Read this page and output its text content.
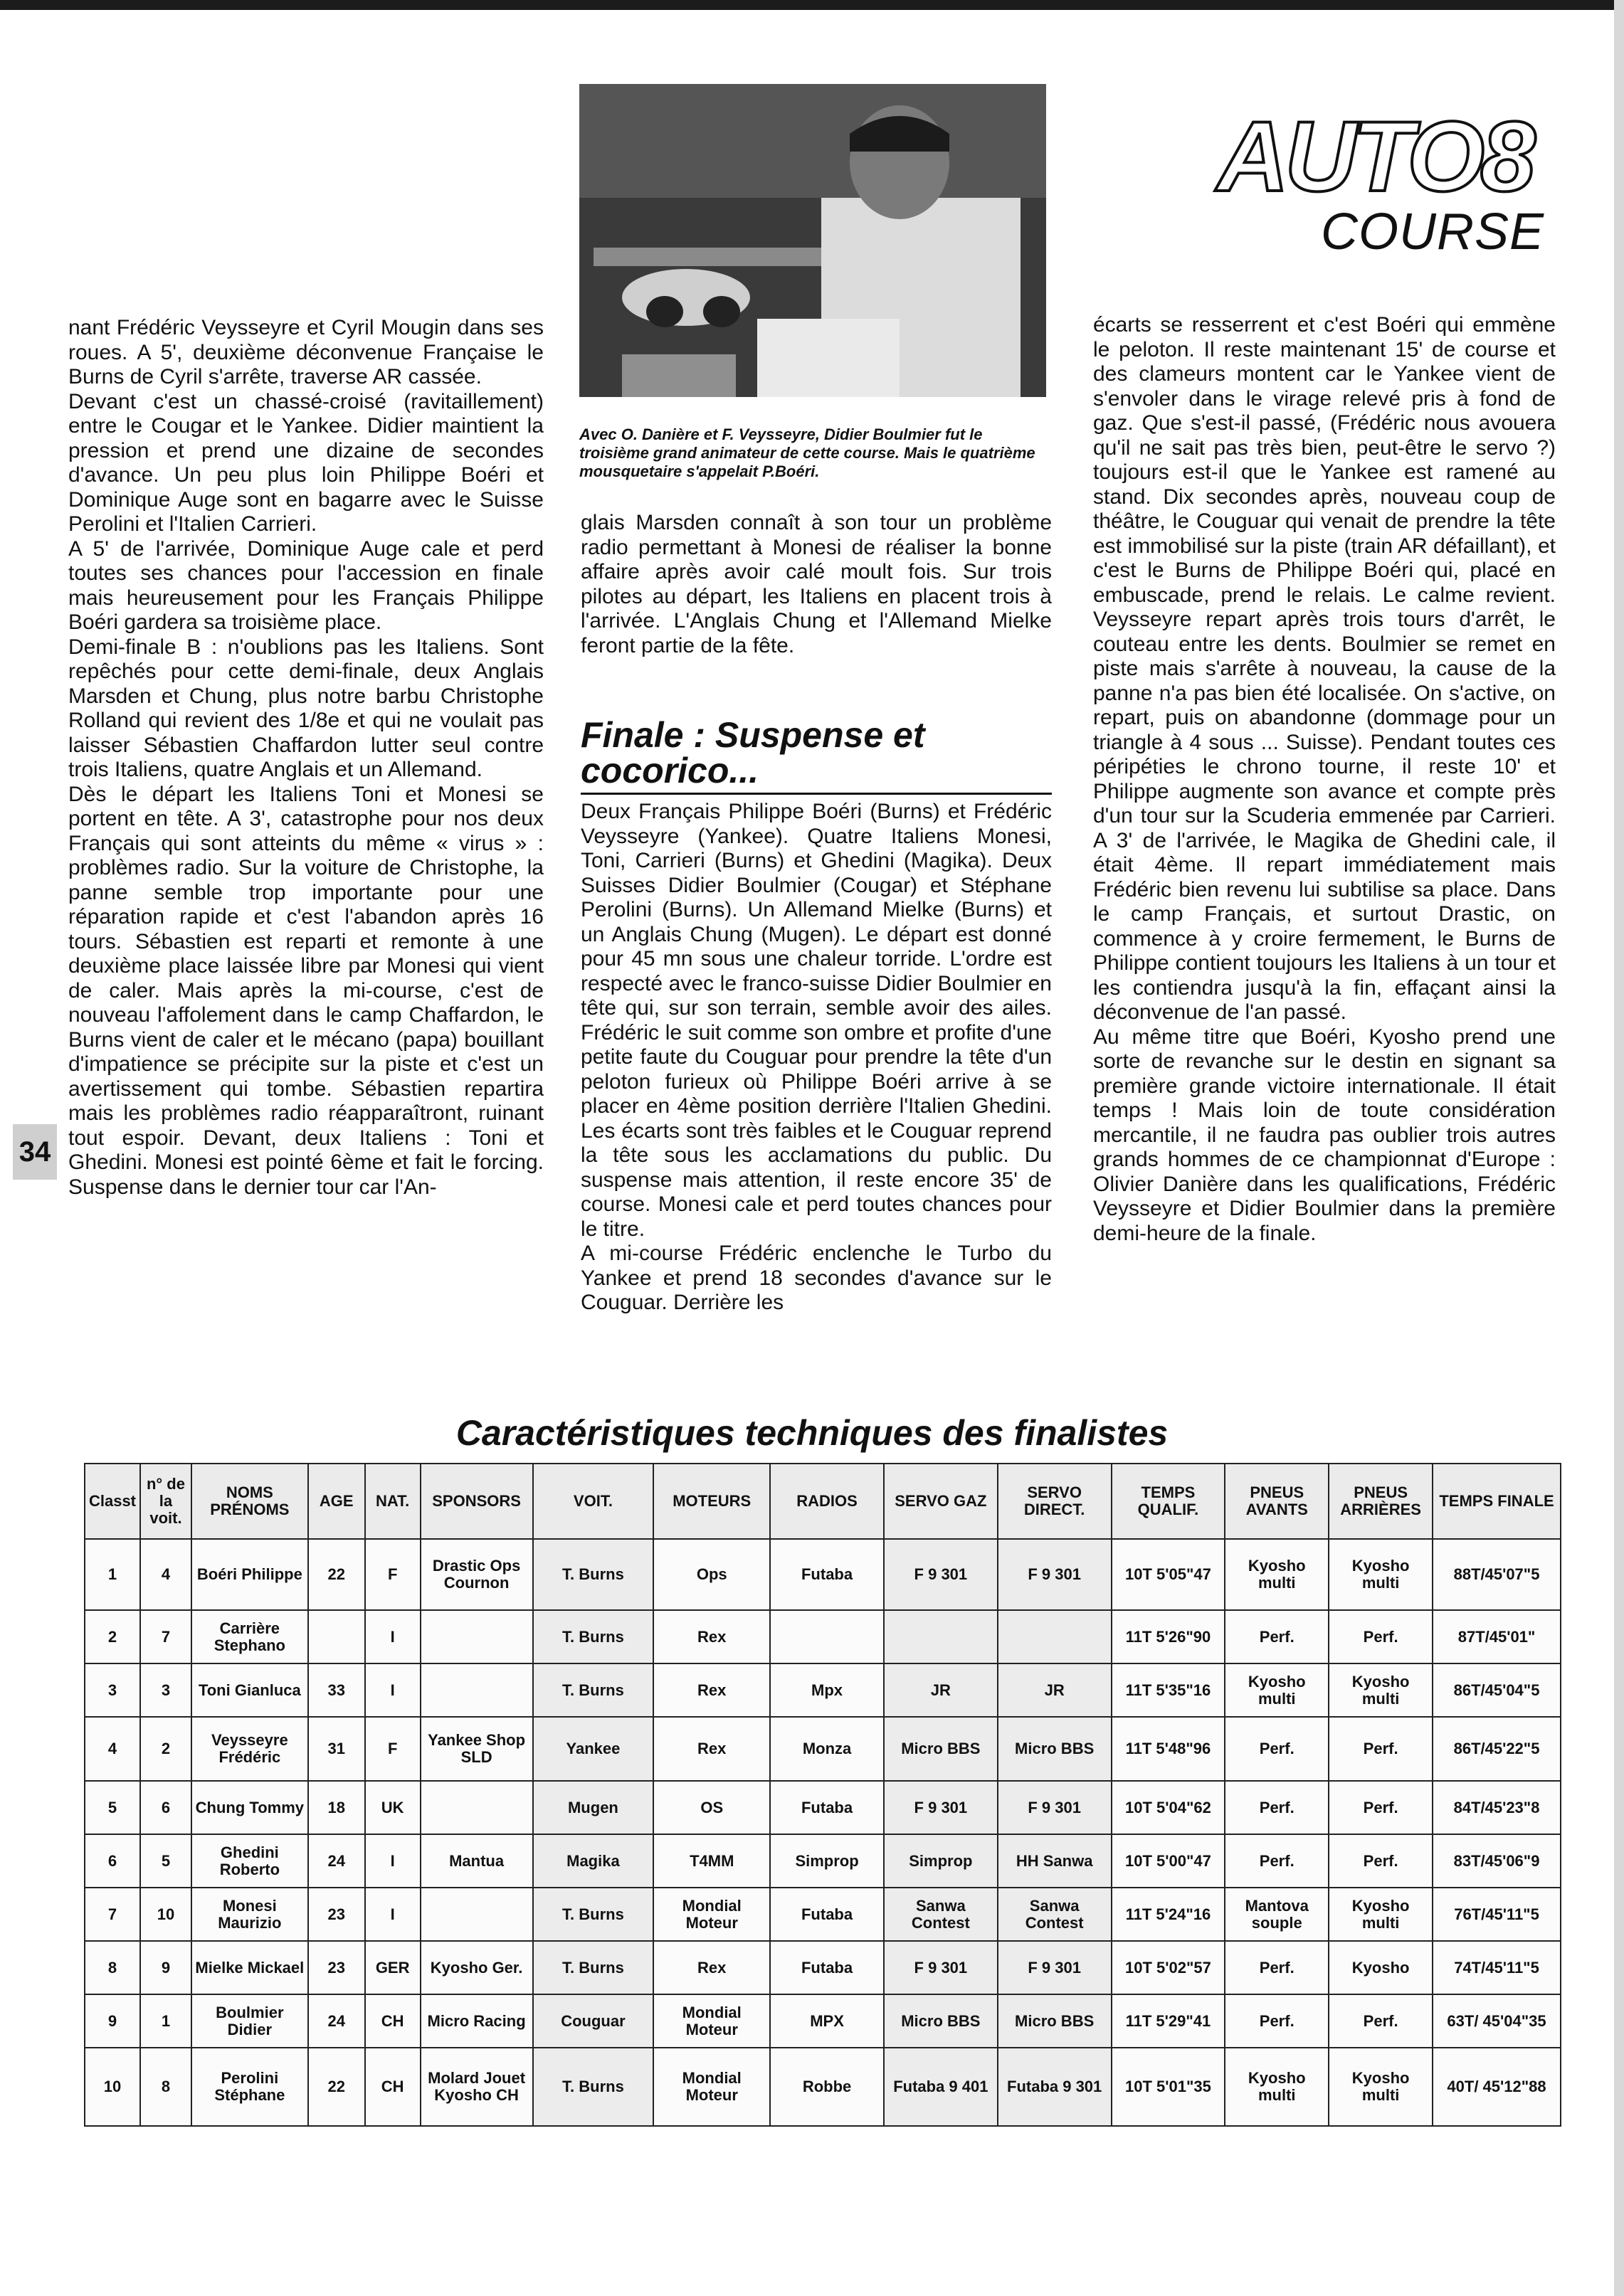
34
AUTO8
COURSE
Avec O. Danière et F. Veysseyre, Didier Boulmier fut le troisième grand animateur de cette course. Mais le quatrième mousquetaire s'appelait P.Boéri.

nant Frédéric Veysseyre et Cyril Mougin dans ses roues. A 5', deuxième déconvenue Française le Burns de Cyril s'arrête, traverse AR cassée.

Devant c'est un chassé-croisé (ravitaillement) entre le Cougar et le Yankee. Didier maintient la pression et prend une dizaine de secondes d'avance. Un peu plus loin Philippe Boéri et Dominique Auge sont en bagarre avec le Suisse Perolini et l'Italien Carrieri.

A 5' de l'arrivée, Dominique Auge cale et perd toutes ses chances pour l'accession en finale mais heureusement pour les Français Philippe Boéri gardera sa troisième place.

Demi-finale B : n'oublions pas les Italiens. Sont repêchés pour cette demi-finale, deux Anglais Marsden et Chung, plus notre barbu Christophe Rolland qui revient des 1/8e et qui ne voulait pas laisser Sébastien Chaffardon lutter seul contre trois Italiens, quatre Anglais et un Allemand.

Dès le départ les Italiens Toni et Monesi se portent en tête. A 3', catastrophe pour nos deux Français qui sont atteints du même « virus » : problèmes radio. Sur la voiture de Christophe, la panne semble trop importante pour une réparation rapide et c'est l'abandon après 16 tours. Sébastien est reparti et remonte à une deuxième place laissée libre par Monesi qui vient de caler. Mais après la mi-course, c'est de nouveau l'affolement dans le camp Chaffardon, le Burns vient de caler et le mécano (papa) bouillant d'impatience se précipite sur la piste et c'est un avertissement qui tombe. Sébastien repartira mais les problèmes radio réapparaîtront, ruinant tout espoir. Devant, deux Italiens : Toni et Ghedini. Monesi est pointé 6ème et fait le forcing. Suspense dans le dernier tour car l'An-

glais Marsden connaît à son tour un problème radio permettant à Monesi de réaliser la bonne affaire après avoir calé moult fois. Sur trois pilotes au départ, les Italiens en placent trois à l'arrivée. L'Anglais Chung et l'Allemand Mielke feront partie de la fête.

Finale : Suspense et cocorico...

Deux Français Philippe Boéri (Burns) et Frédéric Veysseyre (Yankee). Quatre Italiens Monesi, Toni, Carrieri (Burns) et Ghedini (Magika). Deux Suisses Didier Boulmier (Cougar) et Stéphane Perolini (Burns). Un Allemand Mielke (Burns) et un Anglais Chung (Mugen). Le départ est donné pour 45 mn sous une chaleur torride. L'ordre est respecté avec le franco-suisse Didier Boulmier en tête qui, sur son terrain, semble avoir des ailes. Frédéric le suit comme son ombre et profite d'une petite faute du Couguar pour prendre la tête d'un peloton furieux où Philippe Boéri arrive à se placer en 4ème position derrière l'Italien Ghedini. Les écarts sont très faibles et le Couguar reprend la tête sous les acclamations du public. Du suspense mais attention, il reste encore 35' de course. Monesi cale et perd toutes chances pour le titre.

A mi-course Frédéric enclenche le Turbo du Yankee et prend 18 secondes d'avance sur le Couguar. Derrière les

écarts se resserrent et c'est Boéri qui emmène le peloton. Il reste maintenant 15' de course et des clameurs montent car le Yankee vient de s'envoler dans le virage relevé pris à fond de gaz. Que s'est-il passé, (Frédéric nous avouera qu'il ne sait pas très bien, peut-être le servo ?) toujours est-il que le Yankee est ramené au stand. Dix secondes après, nouveau coup de théâtre, le Couguar qui venait de prendre la tête est immobilisé sur la piste (train AR défaillant), et c'est le Burns de Philippe Boéri qui, placé en embuscade, prend le relais. Le calme revient. Veysseyre repart après trois tours d'arrêt, le couteau entre les dents. Boulmier se remet en piste mais s'arrête à nouveau, la cause de la panne n'a pas bien été localisée. On s'active, on repart, puis on abandonne (dommage pour un triangle à 4 sous ... Suisse). Pendant toutes ces péripéties le chrono tourne, il reste 10' et Philippe augmente son avance et compte près d'un tour sur la Scuderia emmenée par Carrieri. A 3' de l'arrivée, le Magika de Ghedini cale, il était 4ème. Il repart immédiatement mais Frédéric bien revenu lui subtilise sa place. Dans le camp Français, et surtout Drastic, on commence à y croire fermement, le Burns de Philippe contient toujours les Italiens à un tour et les contiendra jusqu'à la fin, effaçant ainsi la déconvenue de l'an passé.

Au même titre que Boéri, Kyosho prend une sorte de revanche sur le destin en signant sa première grande victoire internationale. Il était temps ! Mais loin de toute considération mercantile, il ne faudra pas oublier trois autres grands hommes de ce championnat d'Europe : Olivier Danière dans les qualifications, Frédéric Veysseyre et Didier Boulmier dans la première demi-heure de la finale.

Caractéristiques techniques des finalistes
Classt	n° de la voit.	NOMS PRÉNOMS	AGE	NAT.	SPONSORS	VOIT.	MOTEURS	RADIOS	SERVO GAZ	SERVO DIRECT.	TEMPS QUALIF.	PNEUS AVANTS	PNEUS ARRIÈRES	TEMPS FINALE
1	4	Boéri Philippe	22	F	Drastic Ops Cournon	T. Burns	Ops	Futaba	F 9 301	F 9 301	10T 5'05"47	Kyosho multi	Kyosho multi	88T/45'07"5
2	7	Carrière Stephano		I		T. Burns	Rex				11T 5'26"90	Perf.	Perf.	87T/45'01"
3	3	Toni Gianluca	33	I		T. Burns	Rex	Mpx	JR	JR	11T 5'35"16	Kyosho multi	Kyosho multi	86T/45'04"5
4	2	Veysseyre Frédéric	31	F	Yankee Shop SLD	Yankee	Rex	Monza	Micro BBS	Micro BBS	11T 5'48"96	Perf.	Perf.	86T/45'22"5
5	6	Chung Tommy	18	UK		Mugen	OS	Futaba	F 9 301	F 9 301	10T 5'04"62	Perf.	Perf.	84T/45'23"8
6	5	Ghedini Roberto	24	I	Mantua	Magika	T4MM	Simprop	Simprop	HH Sanwa	10T 5'00"47	Perf.	Perf.	83T/45'06"9
7	10	Monesi Maurizio	23	I		T. Burns	Mondial Moteur	Futaba	Sanwa Contest	Sanwa Contest	11T 5'24"16	Mantova souple	Kyosho multi	76T/45'11"5
8	9	Mielke Mickael	23	GER	Kyosho Ger.	T. Burns	Rex	Futaba	F 9 301	F 9 301	10T 5'02"57	Perf.	Kyosho	74T/45'11"5
9	1	Boulmier Didier	24	CH	Micro Racing	Couguar	Mondial Moteur	MPX	Micro BBS	Micro BBS	11T 5'29"41	Perf.	Perf.	63T/ 45'04"35
10	8	Perolini Stéphane	22	CH	Molard Jouet Kyosho CH	T. Burns	Mondial Moteur	Robbe	Futaba 9 401	Futaba 9 301	10T 5'01"35	Kyosho multi	Kyosho multi	40T/ 45'12"88
